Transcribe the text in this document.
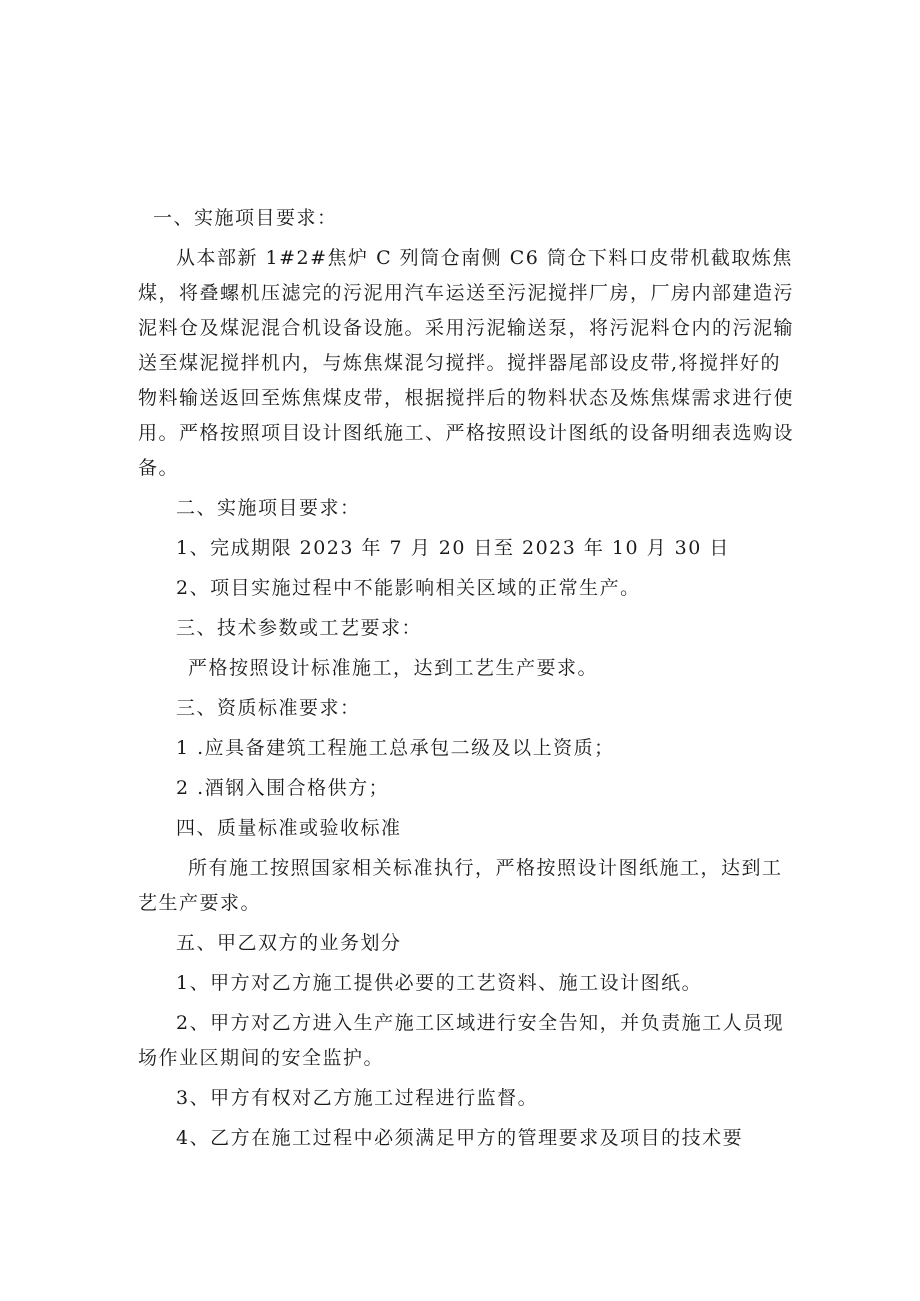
一、实施项目要求：

从本部新 1#2#焦炉 C 列筒仓南侧 C6 筒仓下料口皮带机截取炼焦煤，将叠螺机压滤完的污泥用汽车运送至污泥搅拌厂房，厂房内部建造污泥料仓及煤泥混合机设备设施。采用污泥输送泵，将污泥料仓内的污泥输送至煤泥搅拌机内，与炼焦煤混匀搅拌。搅拌器尾部设皮带,将搅拌好的物料输送返回至炼焦煤皮带，根据搅拌后的物料状态及炼焦煤需求进行使用。严格按照项目设计图纸施工、严格按照设计图纸的设备明细表选购设备。

二、实施项目要求：

1、完成期限 2023 年 7 月 20 日至 2023 年 10 月 30 日

2、项目实施过程中不能影响相关区域的正常生产。

三、技术参数或工艺要求：

严格按照设计标准施工，达到工艺生产要求。

三、资质标准要求：

1 .应具备建筑工程施工总承包二级及以上资质；

2 .酒钢入围合格供方；

四、质量标准或验收标准

所有施工按照国家相关标准执行，严格按照设计图纸施工，达到工艺生产要求。

五、甲乙双方的业务划分

1、甲方对乙方施工提供必要的工艺资料、施工设计图纸。

2、甲方对乙方进入生产施工区域进行安全告知，并负责施工人员现场作业区期间的安全监护。

3、甲方有权对乙方施工过程进行监督。

4、乙方在施工过程中必须满足甲方的管理要求及项目的技术要
